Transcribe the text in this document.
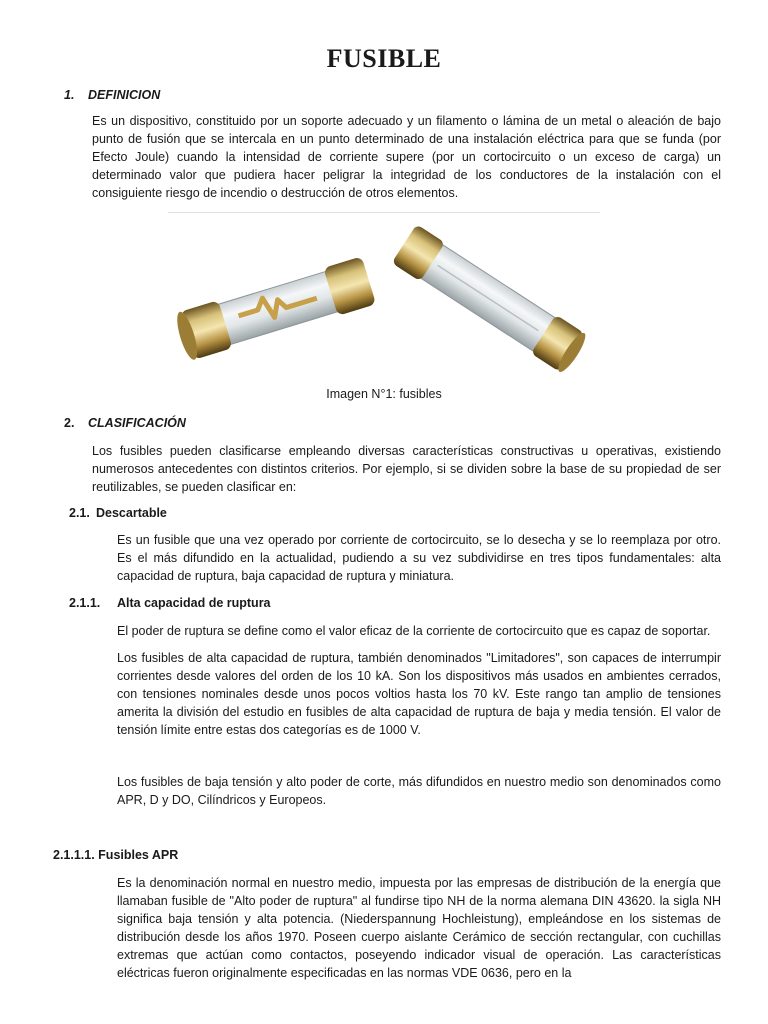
FUSIBLE
1. DEFINICION
Es un dispositivo, constituido por un soporte adecuado y un filamento o lámina de un metal o aleación de bajo punto de fusión que se intercala en un punto determinado de una instalación eléctrica para que se funda (por Efecto Joule) cuando la intensidad de corriente supere (por un cortocircuito o un exceso de carga) un determinado valor que pudiera hacer peligrar la integridad de los conductores de la instalación con el consiguiente riesgo de incendio o destrucción de otros elementos.
Imagen N°1: fusibles
2. CLASIFICACIÓN
Los fusibles pueden clasificarse empleando diversas características constructivas u operativas, existiendo numerosos antecedentes con distintos criterios. Por ejemplo, si se dividen sobre la base de su propiedad de ser reutilizables, se pueden clasificar en:
2.1. Descartable
Es un fusible que una vez operado por corriente de cortocircuito, se lo desecha y se lo reemplaza por otro. Es el más difundido en la actualidad, pudiendo a su vez subdividirse en tres tipos fundamentales: alta capacidad de ruptura, baja capacidad de ruptura y miniatura.
2.1.1. Alta capacidad de ruptura
El poder de ruptura se define como el valor eficaz de la corriente de cortocircuito que es capaz de soportar.
Los fusibles de alta capacidad de ruptura, también denominados "Limitadores", son capaces de interrumpir corrientes desde valores del orden de los 10 kA. Son los dispositivos más usados en ambientes cerrados, con tensiones nominales desde unos pocos voltios hasta los 70 kV. Este rango tan amplio de tensiones amerita la división del estudio en fusibles de alta capacidad de ruptura de baja y media tensión. El valor de tensión límite entre estas dos categorías es de 1000 V.
Los fusibles de baja tensión y alto poder de corte, más difundidos en nuestro medio son denominados como APR, D y DO, Cilíndricos y Europeos.
2.1.1.1. Fusibles APR
Es la denominación normal en nuestro medio, impuesta por las empresas de distribución de la energía que llamaban fusible de "Alto poder de ruptura" al fundirse tipo NH de la norma alemana DIN 43620. la sigla NH significa baja tensión y alta potencia. (Niederspannung Hochleistung), empleándose en los sistemas de distribución desde los años 1970. Poseen cuerpo aislante Cerámico de sección rectangular, con cuchillas extremas que actúan como contactos, poseyendo indicador visual de operación. Las características eléctricas fueron originalmente especificadas en las normas VDE 0636, pero en la
